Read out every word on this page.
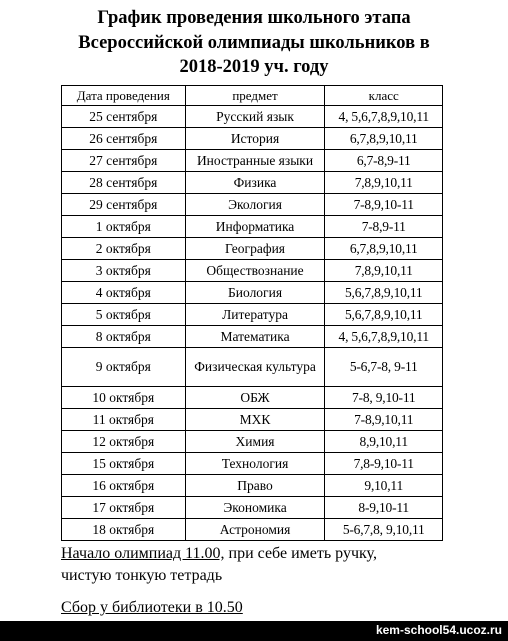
График проведения школьного этапа
Всероссийской олимпиады школьников в
2018-2019 уч. году
Дата проведения	предмет	класс
25 сентября	Русский язык	4, 5,6,7,8,9,10,11
26 сентября	История	6,7,8,9,10,11
27 сентября	Иностранные языки	6,7-8,9-11
28 сентября	Физика	7,8,9,10,11
29 сентября	Экология	7-8,9,10-11
1 октября	Информатика	7-8,9-11
2 октября	География	6,7,8,9,10,11
3 октября	Обществознание	7,8,9,10,11
4 октября	Биология	5,6,7,8,9,10,11
5 октября	Литература	5,6,7,8,9,10,11
8 октября	Математика	4, 5,6,7,8,9,10,11
9 октября	Физическая культура	5-6,7-8, 9-11
10 октября	ОБЖ	7-8, 9,10-11
11 октября	МХК	7-8,9,10,11
12 октября	Химия	8,9,10,11
15 октября	Технология	7,8-9,10-11
16 октября	Право	9,10,11
17 октября	Экономика	8-9,10-11
18 октября	Астрономия	5-6,7,8, 9,10,11
Начало олимпиад 11.00, при себе иметь ручку,
чистую тонкую тетрадь
Сбор у библиотеки в 10.50
kem-school54.ucoz.ru
